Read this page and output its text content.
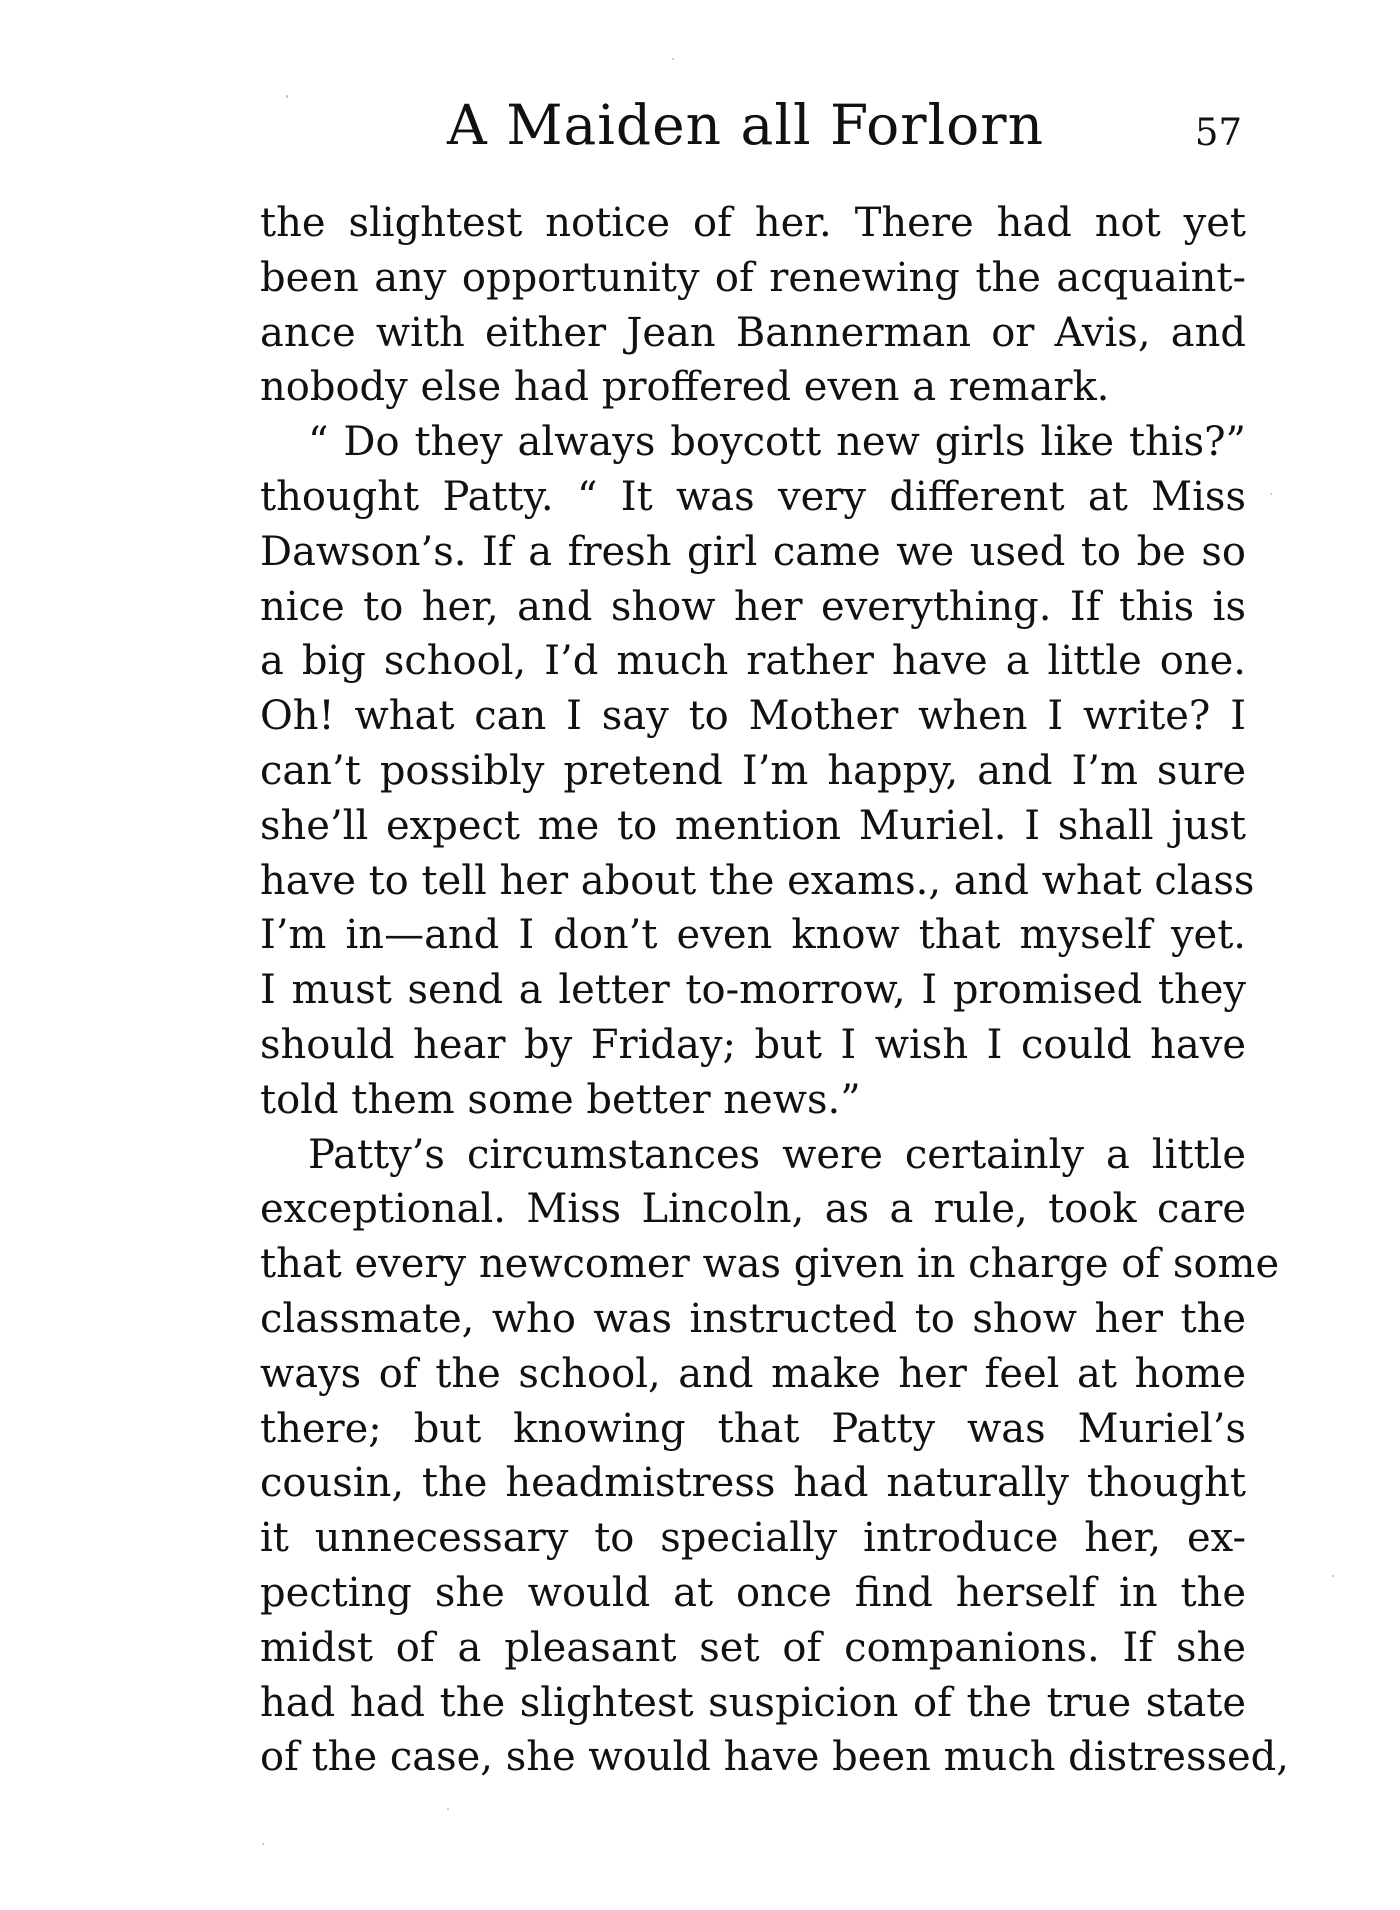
A Maiden all Forlorn	57
the slightest notice of her. There had not yet
been any opportunity of renewing the acquaint-
ance with either Jean Bannerman or Avis, and
nobody else had proffered even a remark.
“ Do they always boycott new girls like this?”
thought Patty. “ It was very different at Miss
Dawson’s. If a fresh girl came we used to be so
nice to her, and show her everything. If this is
a big school, I’d much rather have a little one.
Oh! what can I say to Mother when I write? I
can’t possibly pretend I’m happy, and I’m sure
she’ll expect me to mention Muriel. I shall just
have to tell her about the exams., and what class
I’m in—and I don’t even know that myself yet.
I must send a letter to-morrow, I promised they
should hear by Friday; but I wish I could have
told them some better news.”
Patty’s circumstances were certainly a little
exceptional. Miss Lincoln, as a rule, took care
that every newcomer was given in charge of some
classmate, who was instructed to show her the
ways of the school, and make her feel at home
there; but knowing that Patty was Muriel’s
cousin, the headmistress had naturally thought
it unnecessary to specially introduce her, ex-
pecting she would at once find herself in the
midst of a pleasant set of companions. If she
had had the slightest suspicion of the true state
of the case, she would have been much distressed,
